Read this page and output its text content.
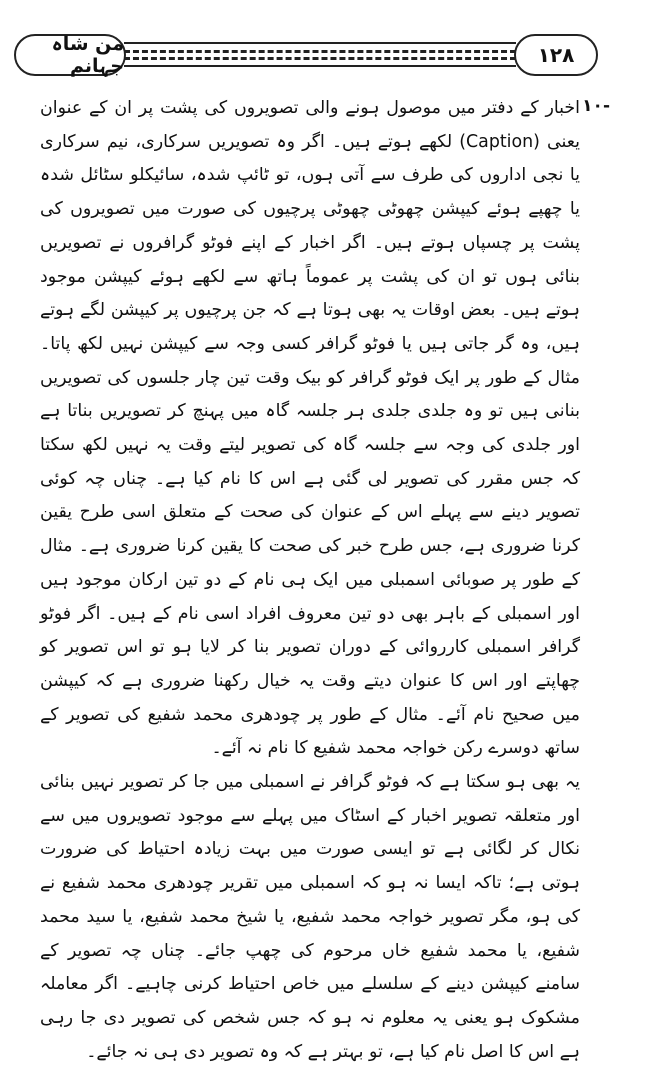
من شاہ جہانم	۱۲۸
-۱۰

اخبار کے دفتر میں موصول ہونے والی تصویروں کی پشت پر ان کے عنوان یعنی (Caption) لکھے ہوتے ہیں۔ اگر وہ تصویریں سرکاری، نیم سرکاری یا نجی اداروں کی طرف سے آتی ہوں، تو ٹائپ شدہ، سائیکلو سٹائل شدہ یا چھپے ہوئے کیپشن چھوٹی چھوٹی پرچیوں کی صورت میں تصویروں کی پشت پر چسپاں ہوتے ہیں۔ اگر اخبار کے اپنے فوٹو گرافروں نے تصویریں بنائی ہوں تو ان کی پشت پر عموماً ہاتھ سے لکھے ہوئے کیپشن موجود ہوتے ہیں۔ بعض اوقات یہ بھی ہوتا ہے کہ جن پرچیوں پر کیپشن لگے ہوتے ہیں، وہ گر جاتی ہیں یا فوٹو گرافر کسی وجہ سے کیپشن نہیں لکھ پاتا۔ مثال کے طور پر ایک فوٹو گرافر کو بیک وقت تین چار جلسوں کی تصویریں بنانی ہیں تو وہ جلدی جلدی ہر جلسہ گاہ میں پہنچ کر تصویریں بناتا ہے اور جلدی کی وجہ سے جلسہ گاہ کی تصویر لیتے وقت یہ نہیں لکھ سکتا کہ جس مقرر کی تصویر لی گئی ہے اس کا نام کیا ہے۔ چناں چہ کوئی تصویر دینے سے پہلے اس کے عنوان کی صحت کے متعلق اسی طرح یقین کرنا ضروری ہے، جس طرح خبر کی صحت کا یقین کرنا ضروری ہے۔ مثال کے طور پر صوبائی اسمبلی میں ایک ہی نام کے دو تین ارکان موجود ہیں اور اسمبلی کے باہر بھی دو تین معروف افراد اسی نام کے ہیں۔ اگر فوٹو گرافر اسمبلی کارروائی کے دوران تصویر بنا کر لایا ہو تو اس تصویر کو چھاپتے اور اس کا عنوان دیتے وقت یہ خیال رکھنا ضروری ہے کہ کیپشن میں صحیح نام آئے۔ مثال کے طور پر چودھری محمد شفیع کی تصویر کے ساتھ دوسرے رکن خواجہ محمد شفیع کا نام نہ آئے۔

یہ بھی ہو سکتا ہے کہ فوٹو گرافر نے اسمبلی میں جا کر تصویر نہیں بنائی اور متعلقہ تصویر اخبار کے اسٹاک میں پہلے سے موجود تصویروں میں سے نکال کر لگائی ہے تو ایسی صورت میں بہت زیادہ احتیاط کی ضرورت ہوتی ہے؛ تاکہ ایسا نہ ہو کہ اسمبلی میں تقریر چودھری محمد شفیع نے کی ہو، مگر تصویر خواجہ محمد شفیع، یا شیخ محمد شفیع، یا سید محمد شفیع، یا محمد شفیع خاں مرحوم کی چھپ جائے۔ چناں چہ تصویر کے سامنے کیپشن دینے کے سلسلے میں خاص احتیاط کرنی چاہیے۔ اگر معاملہ مشکوک ہو یعنی یہ معلوم نہ ہو کہ جس شخص کی تصویر دی جا رہی ہے اس کا اصل نام کیا ہے، تو بہتر ہے کہ وہ تصویر دی ہی نہ جائے۔
